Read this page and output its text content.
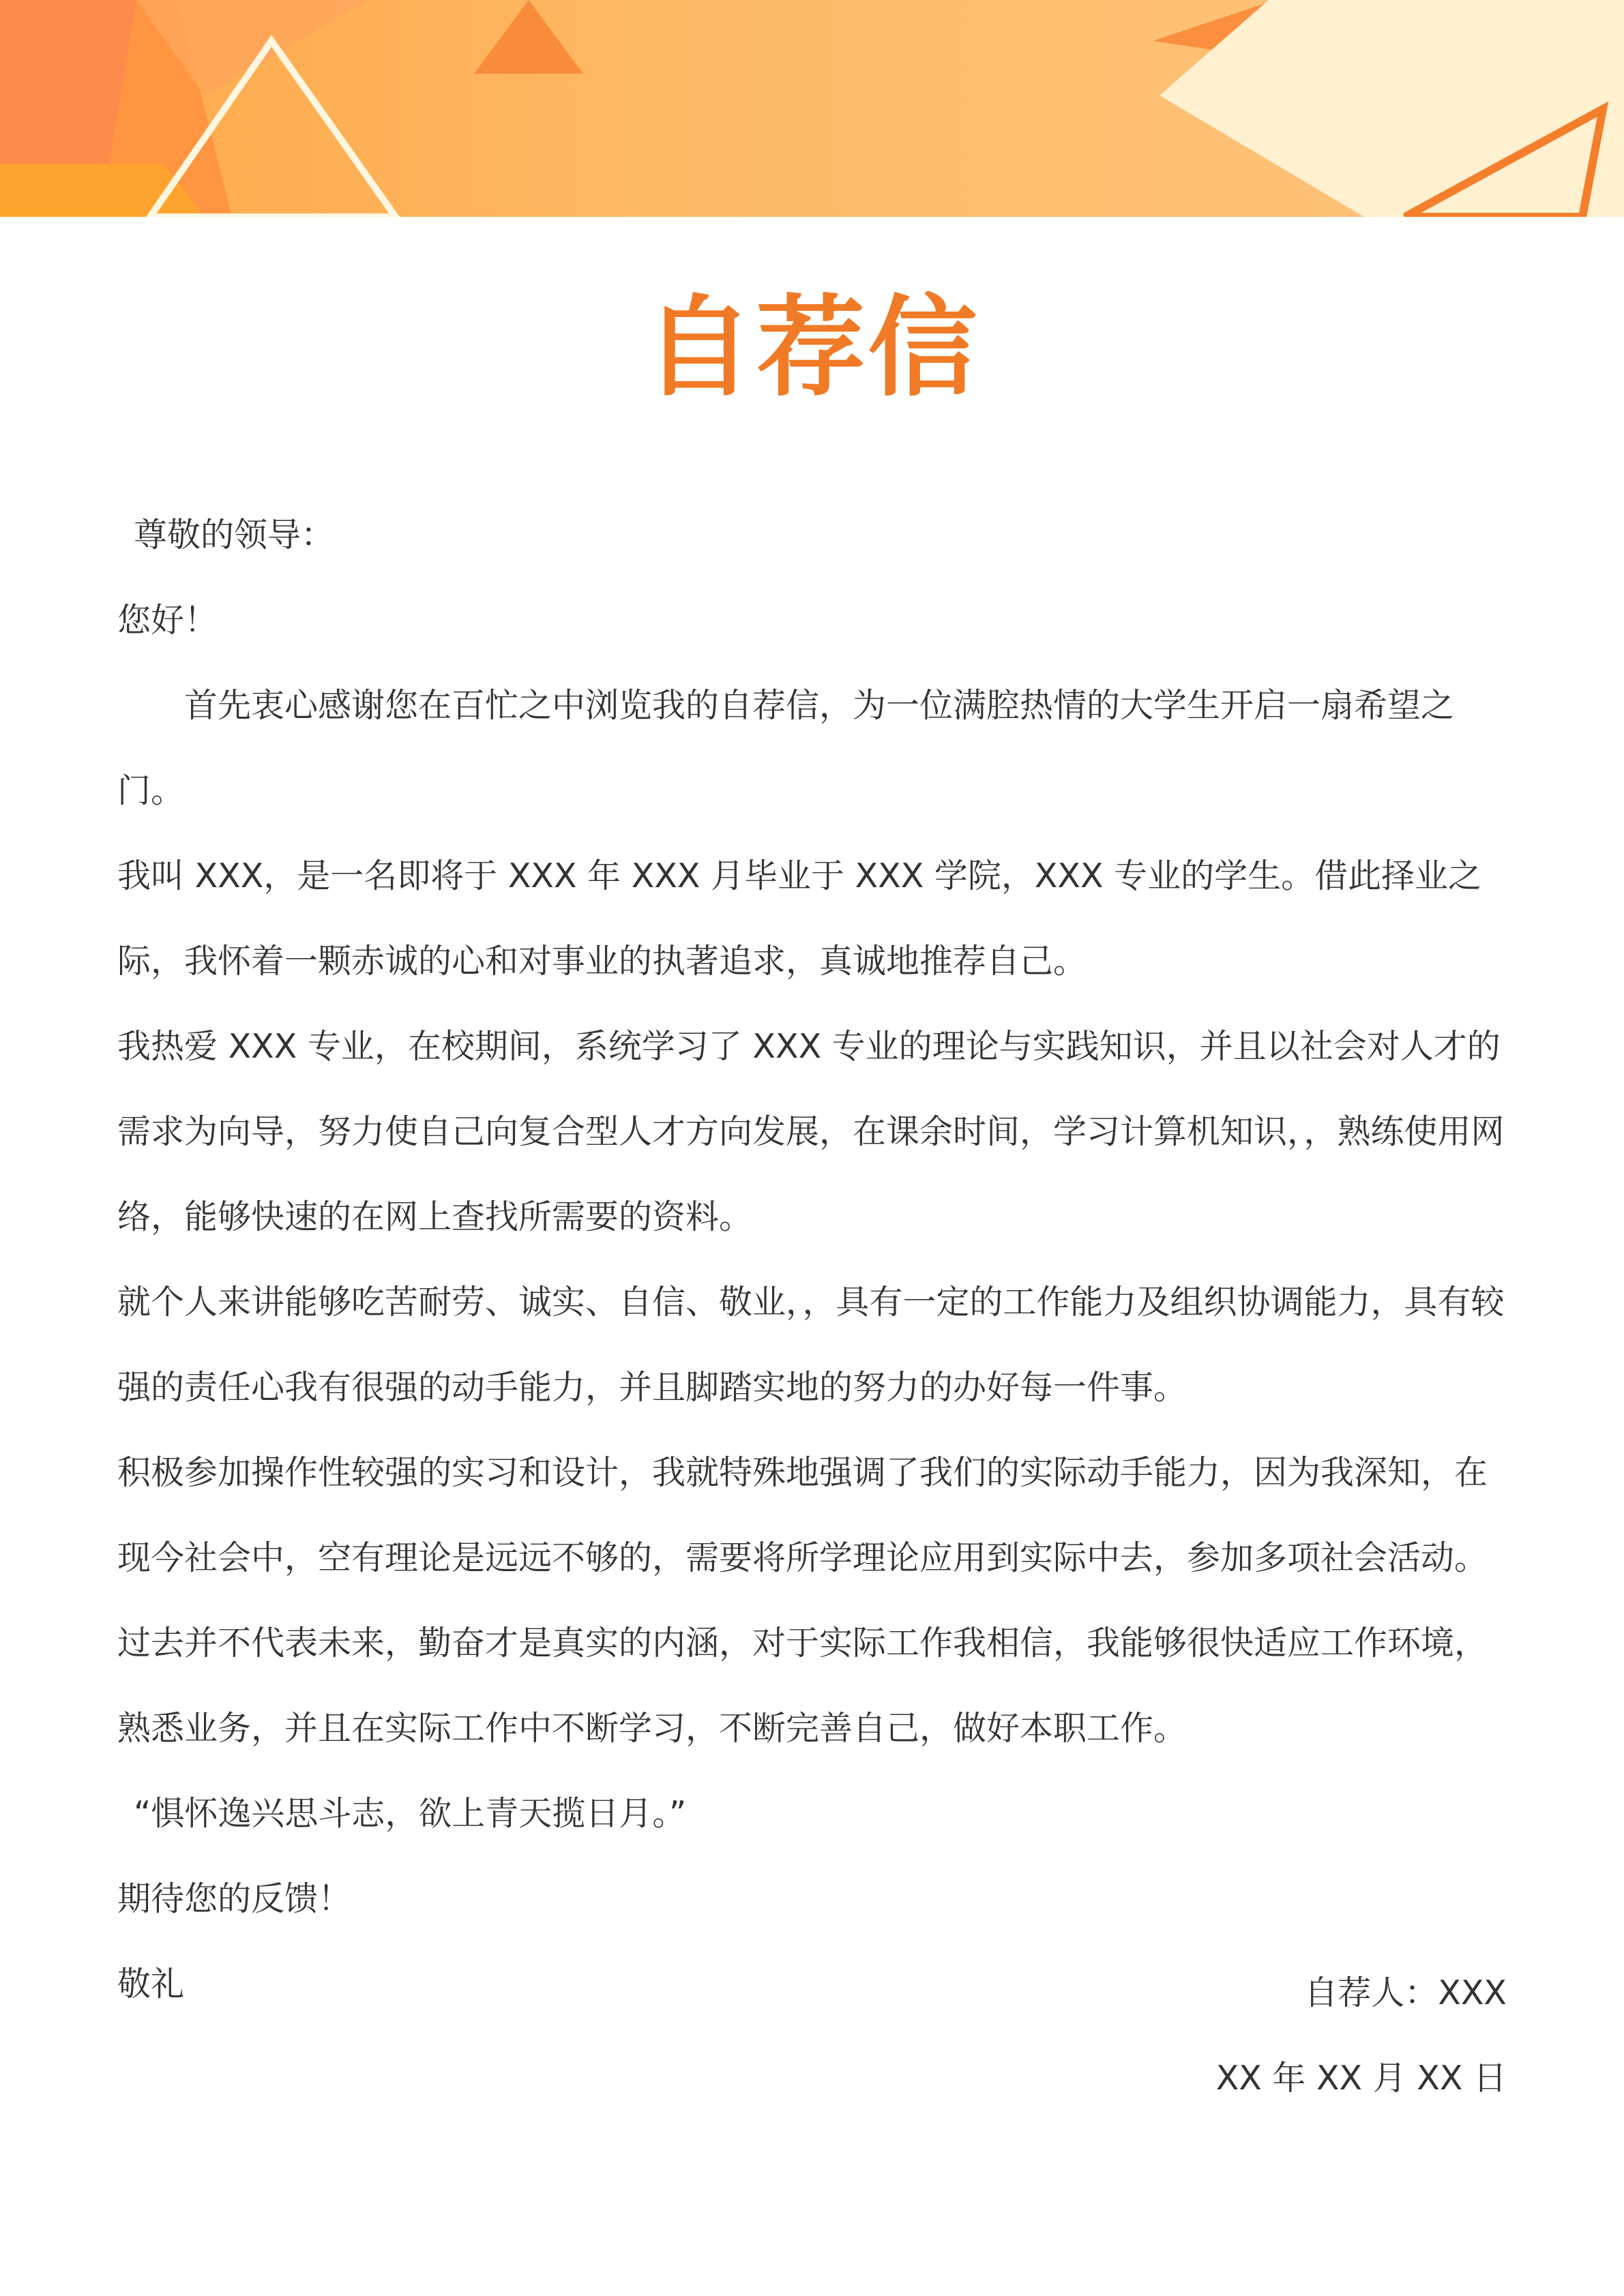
自荐信

尊敬的领导：

您好！

首先衷心感谢您在百忙之中浏览我的自荐信，为一位满腔热情的大学生开启一扇希望之门。

我叫 XXX，是一名即将于 XXX 年 XXX 月毕业于 XXX 学院，XXX 专业的学生。借此择业之际，我怀着一颗赤诚的心和对事业的执著追求，真诚地推荐自己。

我热爱 XXX 专业，在校期间，系统学习了 XXX 专业的理论与实践知识，并且以社会对人才的需求为向导，努力使自己向复合型人才方向发展，在课余时间，学习计算机知识，，熟练使用网络，能够快速的在网上查找所需要的资料。

就个人来讲能够吃苦耐劳、诚实、自信、敬业，，具有一定的工作能力及组织协调能力，具有较强的责任心我有很强的动手能力，并且脚踏实地的努力的办好每一件事。

积极参加操作性较强的实习和设计，我就特殊地强调了我们的实际动手能力，因为我深知，在现今社会中，空有理论是远远不够的，需要将所学理论应用到实际中去，参加多项社会活动。

过去并不代表未来，勤奋才是真实的内涵，对于实际工作我相信，我能够很快适应工作环境，熟悉业务，并且在实际工作中不断学习，不断完善自己，做好本职工作。

“惧怀逸兴思斗志，欲上青天揽日月。”

期待您的反馈！

敬礼	自荐人：XXX

XX 年 XX 月 XX 日
